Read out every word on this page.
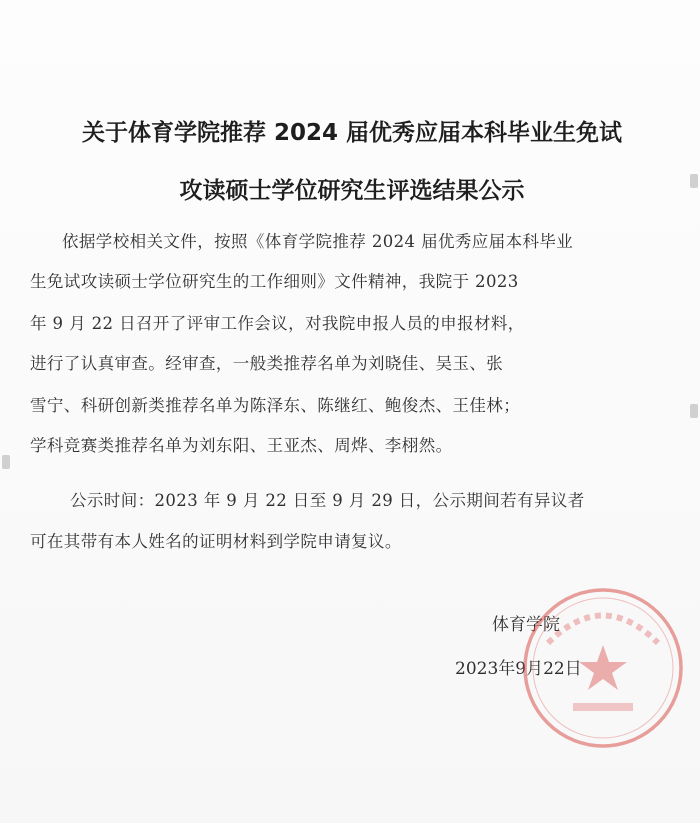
关于体育学院推荐 2024 届优秀应届本科毕业生免试
攻读硕士学位研究生评选结果公示
依据学校相关文件，按照《体育学院推荐 2024 届优秀应届本科毕业
生免试攻读硕士学位研究生的工作细则》文件精神，我院于 2023
年 9 月 22 日召开了评审工作会议，对我院申报人员的申报材料，
进行了认真审查。经审查，一般类推荐名单为刘晓佳、吴玉、张
雪宁、科研创新类推荐名单为陈泽东、陈继红、鲍俊杰、王佳林；
学科竞赛类推荐名单为刘东阳、王亚杰、周烨、李栩然。
公示时间：2023 年 9 月 22 日至 9 月 29 日，公示期间若有异议者
可在其带有本人姓名的证明材料到学院申请复议。
体育学院
2023年9月22日
